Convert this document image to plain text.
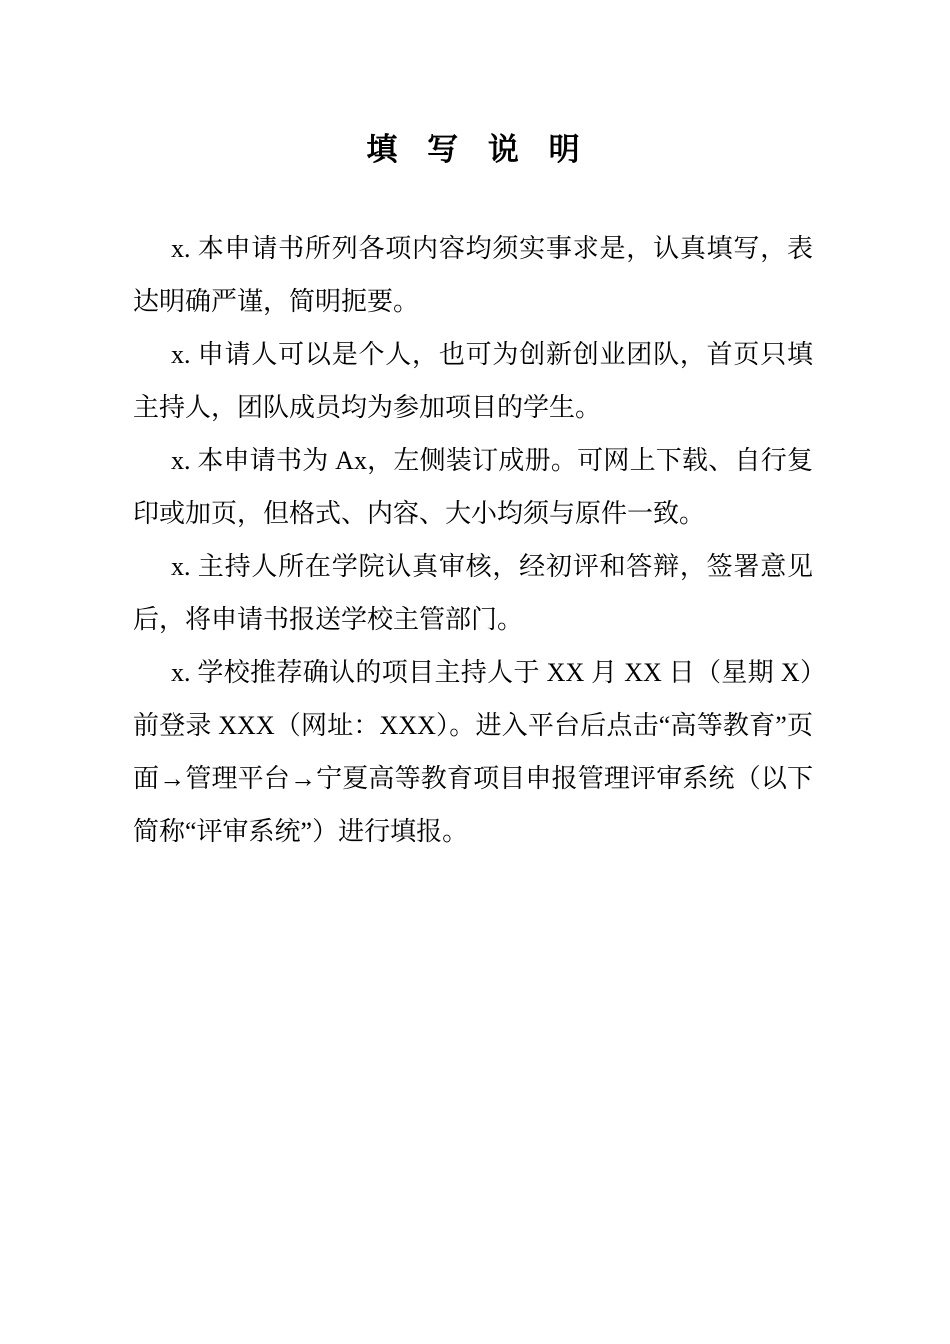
填 写 说 明

x. 本申请书所列各项内容均须实事求是，认真填写，表达明确严谨，简明扼要。

x. 申请人可以是个人，也可为创新创业团队，首页只填主持人，团队成员均为参加项目的学生。

x. 本申请书为 Ax，左侧装订成册。可网上下载、自行复印或加页，但格式、内容、大小均须与原件一致。

x. 主持人所在学院认真审核，经初评和答辩，签署意见后，将申请书报送学校主管部门。

x. 学校推荐确认的项目主持人于 XX 月 XX 日（星期 X）前登录 XXX（网址：XXX）。进入平台后点击“高等教育”页面→管理平台→宁夏高等教育项目申报管理评审系统（以下简称“评审系统”）进行填报。
